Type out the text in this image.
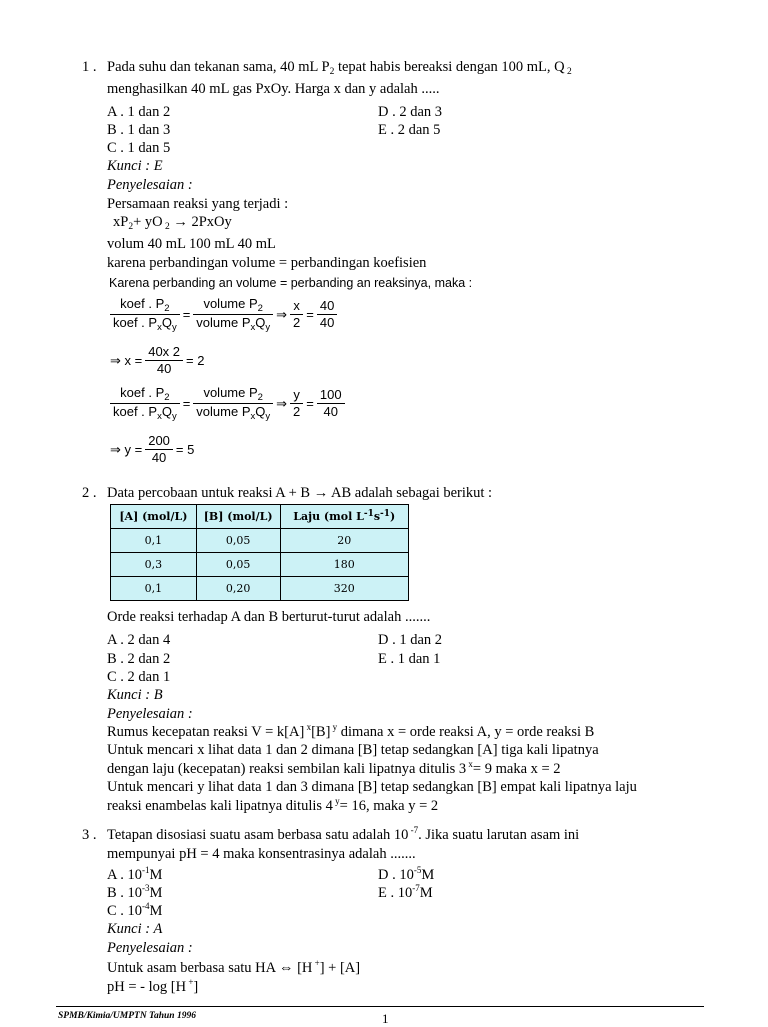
1 . Pada suhu dan tekanan sama, 40 mL $P_2$ tepat habis bereaksi dengan 100 mL, Q $_2$
menghasilkan 40 mL gas PxOy. Harga x dan y adalah .....
A . 1 dan 2	D . 2 dan 3
B . 1 dan 3	E . 2 dan 5
C . 1 dan 5
Kunci : E
Penyelesaian :
Persamaan reaksi yang terjadi :
$xP_2+$ yO $_2$ → 2PxOy
volum 40 mL 100 mL 40 mL
karena perbandingan volume = perbandingan koefisien
Karena perbanding an volume = perbanding an reaksinya, maka :
$\frac{koef . P_2}{koef . P_xQ_y} = \frac{volume P_2}{volume P_xQ_y}$ ⇒ $\frac{x}{2} = \frac{40}{40}$
⇒ $x = \frac{40x 2}{40} = 2$
$\frac{koef . P_2}{koef . P_xQ_y} = \frac{volume P_2}{volume P_xQ_y}$ ⇒ $\frac{y}{2} = \frac{100}{40}$
⇒ $y = \frac{200}{40} = 5$
2 . Data percobaan untuk reaksi A + B → AB adalah sebagai berikut :
[A] (mol/L)	[B] (mol/L)	Laju (mol $L^{-1}s^{-1}$)
0,1	0,05	20
0,3	0,05	180
0,1	0,20	320
Orde reaksi terhadap A dan B berturut-turut adalah .......
A . 2 dan 4	D . 1 dan 2
B . 2 dan 2	E . 1 dan 1
C . 2 dan 1
Kunci : B
Penyelesaian :
Rumus kecepatan reaksi V = k[A] $^x$[B] $^y$ dimana x = orde reaksi A, y = orde reaksi B
Untuk mencari x lihat data 1 dan 2 dimana [B] tetap sedangkan [A] tiga kali lipatnya
dengan laju (kecepatan) reaksi sembilan kali lipatnya ditulis 3 $^x$= 9 maka x = 2
Untuk mencari y lihat data 1 dan 3 dimana [B] tetap sedangkan [B] empat kali lipatnya laju
reaksi enambelas kali lipatnya ditulis 4 $^y$= 16, maka y = 2
3 . Tetapan disosiasi suatu asam berbasa satu adalah 10 $^{-7}$. Jika suatu larutan asam ini
mempunyai pH = 4 maka konsentrasinya adalah .......
A . $10^{-1}M$	D . $10^{-5}M$
B . $10^{-3}M$	E . $10^{-7}M$
C . $10^{-4}M$
Kunci : A
Penyelesaian :
Untuk asam berbasa satu HA ⇔ [H +] + [A]
pH = - log [H +]
SPMB/Kimia/UMPTN Tahun 1996	1
